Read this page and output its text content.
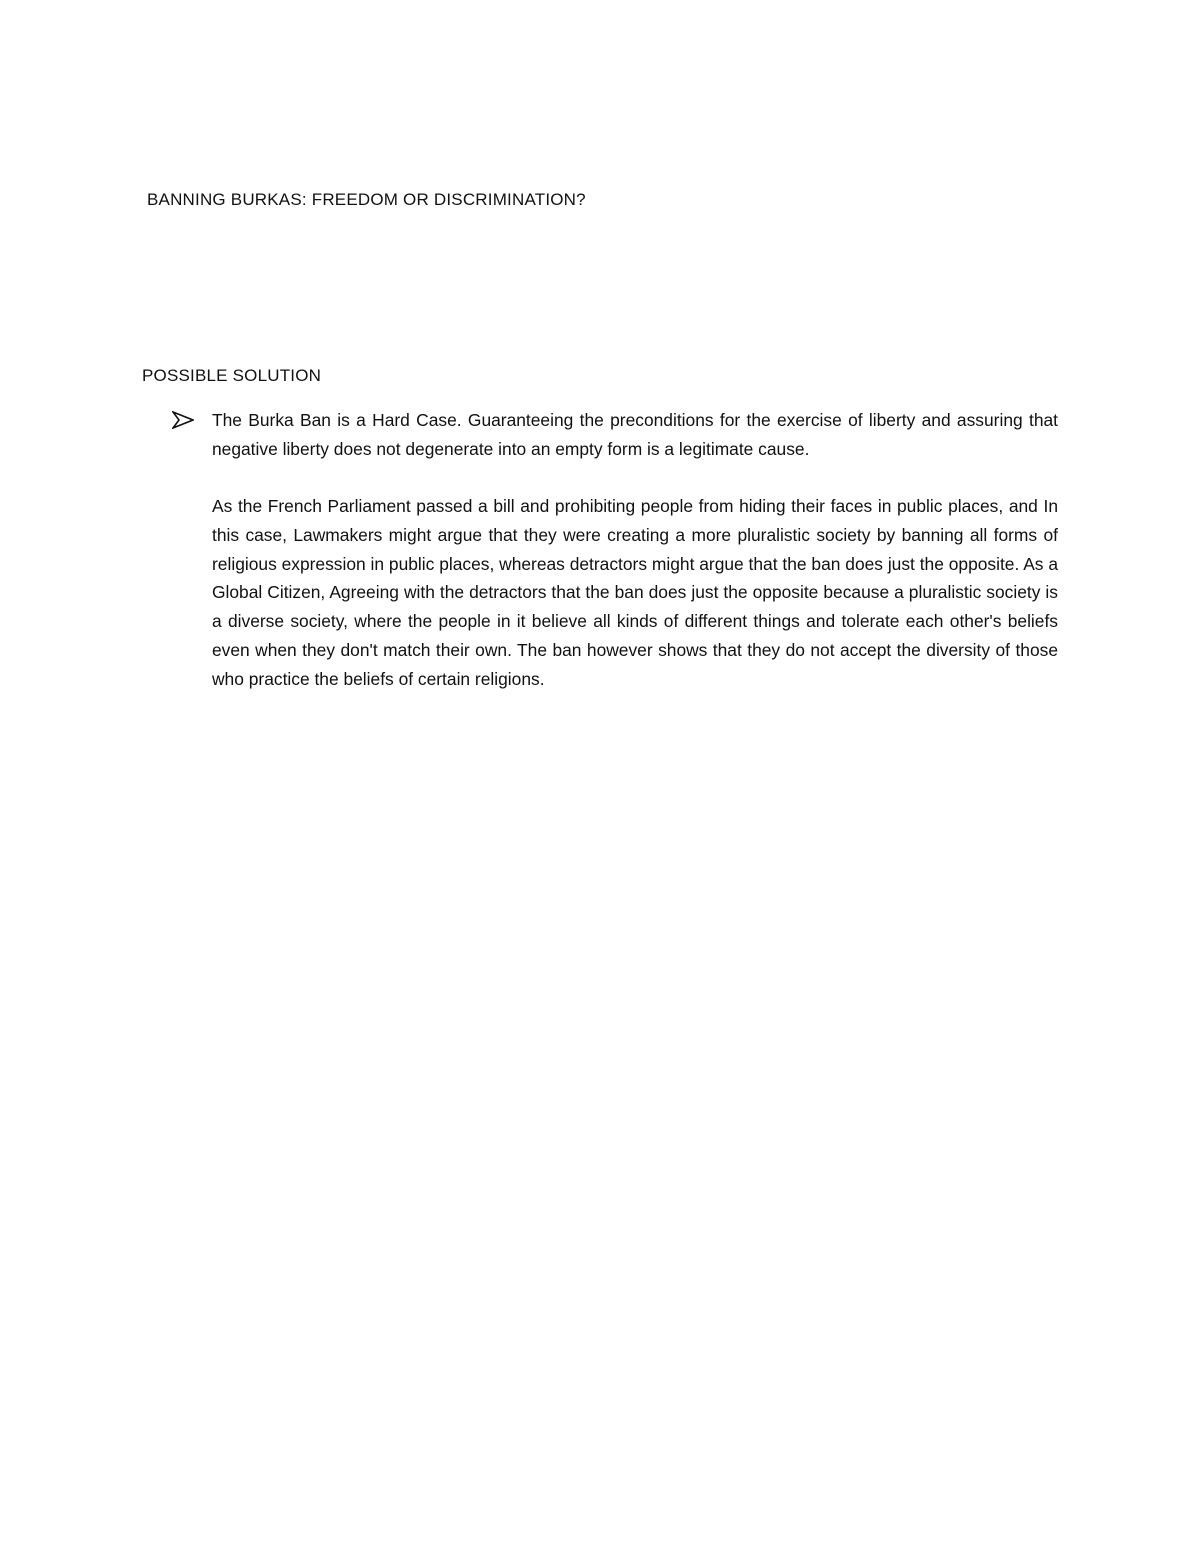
BANNING BURKAS: FREEDOM OR DISCRIMINATION?
POSSIBLE SOLUTION
The Burka Ban is a Hard Case. Guaranteeing the preconditions for the exercise of liberty and assuring that negative liberty does not degenerate into an empty form is a legitimate cause.
As the French Parliament passed a bill and prohibiting people from hiding their faces in public places, and In this case, Lawmakers might argue that they were creating a more pluralistic society by banning all forms of religious expression in public places, whereas detractors might argue that the ban does just the opposite. As a Global Citizen, Agreeing with the detractors that the ban does just the opposite because a pluralistic society is a diverse society, where the people in it believe all kinds of different things and tolerate each other's beliefs even when they don't match their own. The ban however shows that they do not accept the diversity of those who practice the beliefs of certain religions.
